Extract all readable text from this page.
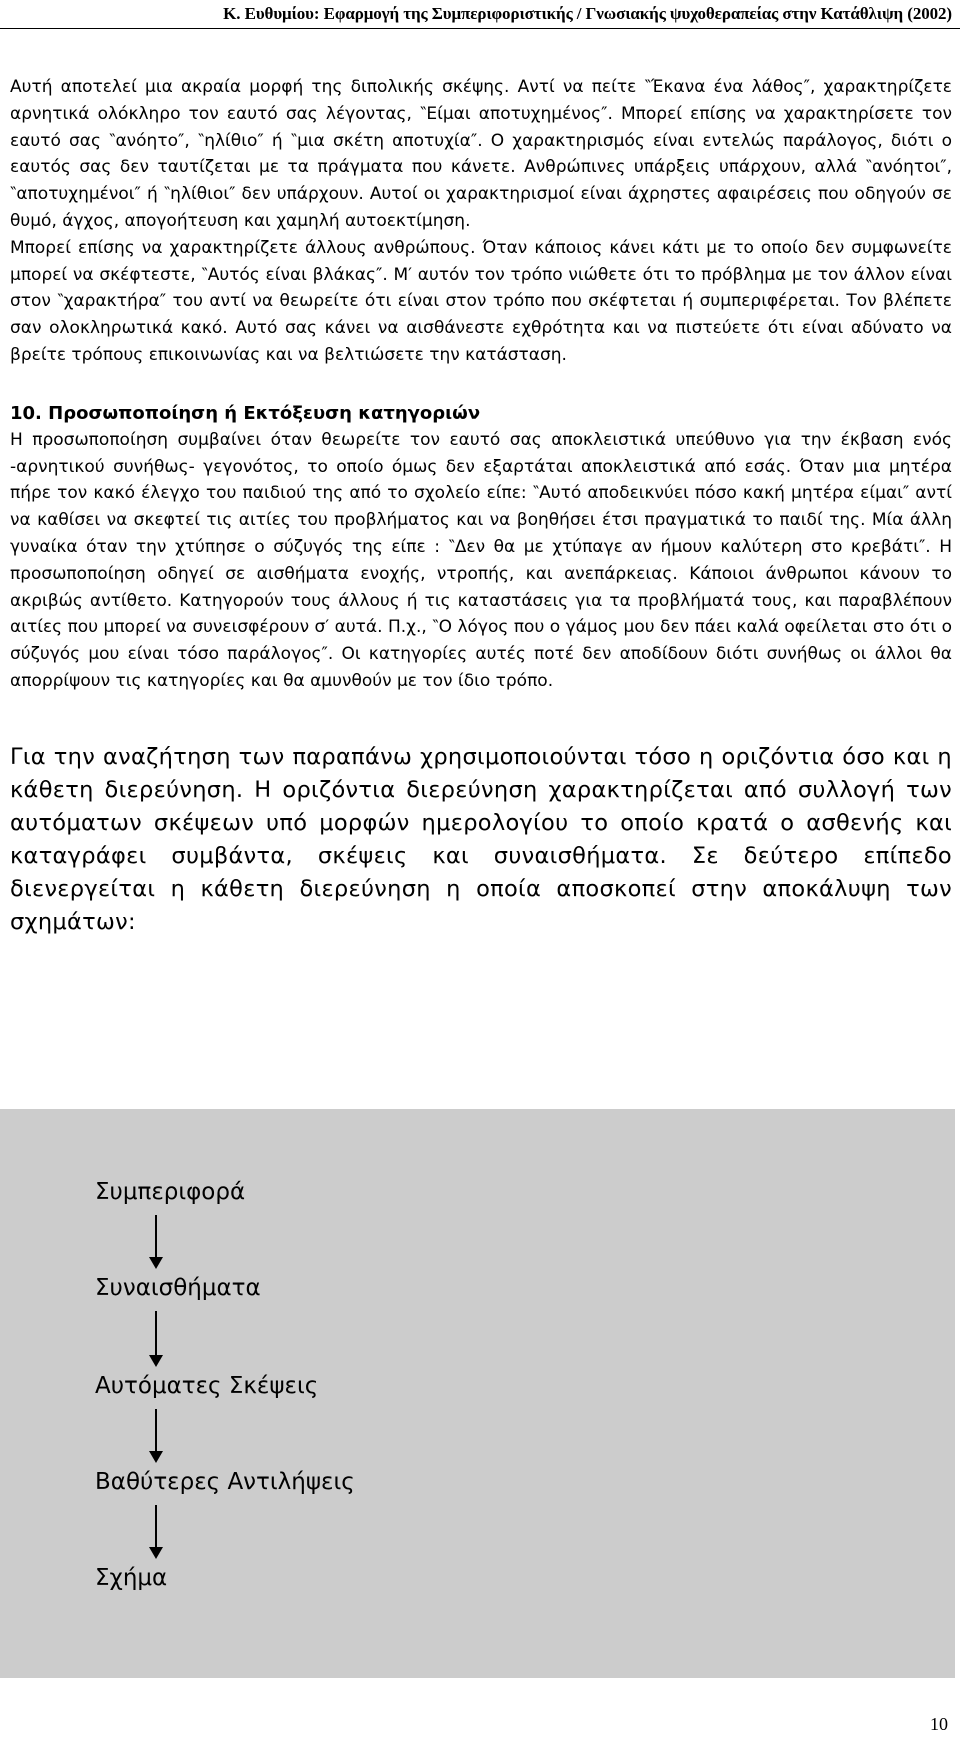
Κ. Ευθυμίου: Εφαρμογή της Συμπεριφοριστικής / Γνωσιακής ψυχοθεραπείας στην Κατάθλιψη (2002)

Αυτή αποτελεί μια ακραία μορφή της διπολικής σκέψης. Αντί να πείτε ‶Έκανα ένα λάθος″, χαρακτηρίζετε αρνητικά ολόκληρο τον εαυτό σας λέγοντας, ‶Είμαι αποτυχημένος″. Μπορεί επίσης να χαρακτηρίσετε τον εαυτό σας ‶ανόητο″, ‶ηλίθιο″ ή ‶μια σκέτη αποτυχία″. Ο χαρακτηρισμός είναι εντελώς παράλογος, διότι ο εαυτός σας δεν ταυτίζεται με τα πράγματα που κάνετε. Ανθρώπινες υπάρξεις υπάρχουν, αλλά ‶ανόητοι″, ‶αποτυχημένοι″ ή ‶ηλίθιοι″ δεν υπάρχουν. Αυτοί οι χαρακτηρισμοί είναι άχρηστες αφαιρέσεις που οδηγούν σε θυμό, άγχος, απογοήτευση και χαμηλή αυτοεκτίμηση.

Μπορεί επίσης να χαρακτηρίζετε άλλους ανθρώπους. Όταν κάποιος κάνει κάτι με το οποίο δεν συμφωνείτε μπορεί να σκέφτεστε, ‶Αυτός είναι βλάκας″. Μ′ αυτόν τον τρόπο νιώθετε ότι το πρόβλημα με τον άλλον είναι στον ‶χαρακτήρα″ του αντί να θεωρείτε ότι είναι στον τρόπο που σκέφτεται ή συμπεριφέρεται. Τον βλέπετε σαν ολοκληρωτικά κακό. Αυτό σας κάνει να αισθάνεστε εχθρότητα και να πιστεύετε ότι είναι αδύνατο να βρείτε τρόπους επικοινωνίας και να βελτιώσετε την κατάσταση.

10. Προσωποποίηση ή Εκτόξευση κατηγοριών

Η προσωποποίηση συμβαίνει όταν θεωρείτε τον εαυτό σας αποκλειστικά υπεύθυνο για την έκβαση ενός -αρνητικού συνήθως- γεγονότος, το οποίο όμως δεν εξαρτάται αποκλειστικά από εσάς. Όταν μια μητέρα πήρε τον κακό έλεγχο του παιδιού της από το σχολείο είπε: ‶Αυτό αποδεικνύει πόσο κακή μητέρα είμαι″ αντί να καθίσει να σκεφτεί τις αιτίες του προβλήματος και να βοηθήσει έτσι πραγματικά το παιδί της. Μία άλλη γυναίκα όταν την χτύπησε ο σύζυγός της είπε : ‶Δεν θα με χτύπαγε αν ήμουν καλύτερη στο κρεβάτι″. Η προσωποποίηση οδηγεί σε αισθήματα ενοχής, ντροπής, και ανεπάρκειας. Κάποιοι άνθρωποι κάνουν το ακριβώς αντίθετο. Κατηγορούν τους άλλους ή τις καταστάσεις για τα προβλήματά τους, και παραβλέπουν αιτίες που μπορεί να συνεισφέρουν σ′ αυτά. Π.χ., ‶Ο λόγος που ο γάμος μου δεν πάει καλά οφείλεται στο ότι ο σύζυγός μου είναι τόσο παράλογος″. Οι κατηγορίες αυτές ποτέ δεν αποδίδουν διότι συνήθως οι άλλοι θα απορρίψουν τις κατηγορίες και θα αμυνθούν με τον ίδιο τρόπο.

Για την αναζήτηση των παραπάνω χρησιμοποιούνται τόσο η οριζόντια όσο και η κάθετη διερεύνηση. Η οριζόντια διερεύνηση χαρακτηρίζεται από συλλογή των αυτόματων σκέψεων υπό μορφών ημερολογίου το οποίο κρατά ο ασθενής και καταγράφει συμβάντα, σκέψεις και συναισθήματα. Σε δεύτερο επίπεδο διενεργείται η κάθετη διερεύνηση η οποία αποσκοπεί στην αποκάλυψη των σχημάτων:

Συμπεριφορά
Συναισθήματα
Αυτόματες Σκέψεις
Βαθύτερες Αντιλήψεις
Σχήμα
10
